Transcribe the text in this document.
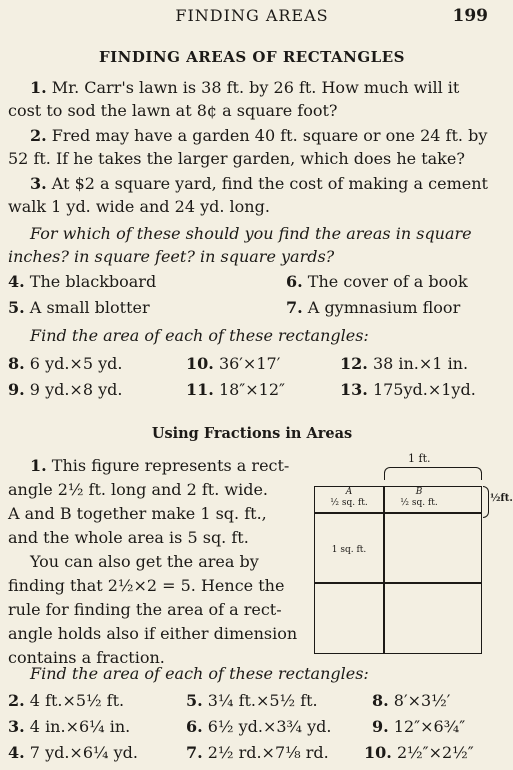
FINDING AREAS	199
FINDING AREAS OF RECTANGLES
1. Mr. Carr's lawn is 38 ft. by 26 ft. How much will it cost to sod the lawn at 8¢ a square foot?
2. Fred may have a garden 40 ft. square or one 24 ft. by 52 ft. If he takes the larger garden, which does he take?
3. At $2 a square yard, find the cost of making a cement walk 1 yd. wide and 24 yd. long.
For which of these should you find the areas in square inches? in square feet? in square yards?
4. The blackboard	6. The cover of a book
5. A small blotter	7. A gymnasium floor
Find the area of each of these rectangles:
8. 6 yd.×5 yd.	10. 36′×17′	12. 38 in.×1 in.
9. 9 yd.×8 yd.	11. 18″×12″	13. 175yd.×1yd.
Using Fractions in Areas
1. This figure represents a rect-
angle 2½ ft. long and 2 ft. wide.
A and B together make 1 sq. ft.,
and the whole area is 5 sq. ft.
You can also get the area by
finding that 2½×2 = 5. Hence the
rule for finding the area of a rect-
angle holds also if either dimension
contains a fraction.
1 ft.
½ft.
A
½ sq. ft.
B
½ sq. ft.
1 sq. ft.
Find the area of each of these rectangles:
2. 4 ft.×5½ ft.	5. 3¼ ft.×5½ ft.	8. 8′×3½′
3. 4 in.×6¼ in.	6. 6½ yd.×3¾ yd.	9. 12″×6¾″
4. 7 yd.×6¼ yd.	7. 2½ rd.×7⅛ rd. 10. 2½″×2½″
